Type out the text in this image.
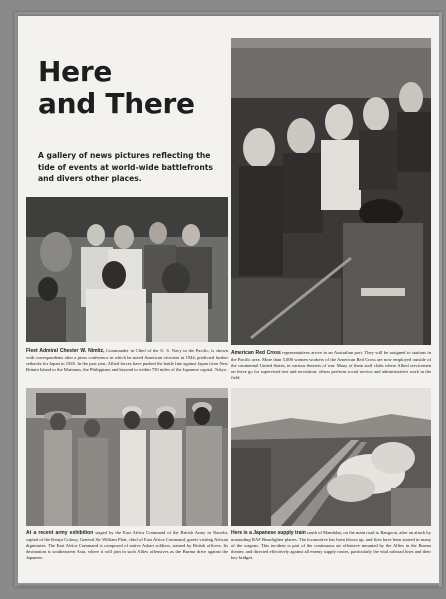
Here
and There
A gallery of news pictures reflecting the tide of events at world-wide battlefronts and divers other places.
Fleet Admiral Chester W. Nimitz, Commander in Chief of the U. S. Navy in the Pacific, is shown with correspondents after a press conference in which he noted American victories in 1944, predicted further setbacks for Japan in 1945. In the past year, Allied forces have pushed the battle line against Japan from New Britain Island to the Marianas, the Philippines and beyond to within 750 miles of the Japanese capital, Tokyo.
American Red Cross representatives arrive in an Australian port. They will be assigned to stations in the Pacific area. More than 5,000 women workers of the American Red Cross are now employed outside of the continental United States, in various theaters of war. Many of them staff clubs where Allied servicemen on leave go for supervised rest and recreation; others perform social service and administrative work in the field.
At a recent army exhibition staged by the East Africa Command of the British Army in Nairobi, capital of the Kenya Colony, General Sir William Platt, chief of East Africa Command, greets visiting African dignitaries. The East Africa Command is composed of native Askari soldiers, trained by British officers. Its destination is southeastern Asia, where it will join in such Allies offensives as the Burma drive against the Japanese.
Here is a Japanese supply train south of Mandalay, on the main road to Rangoon, after an attack by marauding RAF Beaufighter planes. The locomotive has been blown up, and fires have been started in many of the wagons. This incident is part of the continuous air offensive mounted by the Allies in the Burma theater, and directed effectively against all enemy supply routes, particularly the vital railroad lines and their key bridges.
